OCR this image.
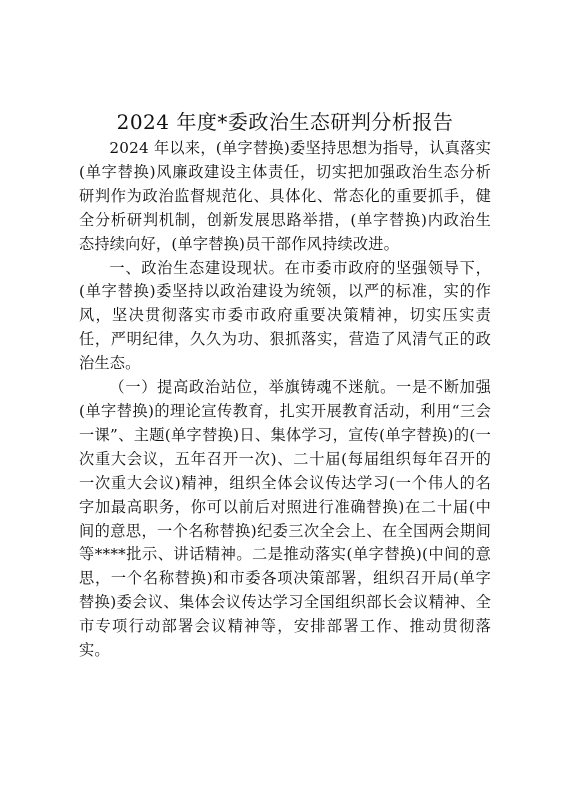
2024 年度*委政治生态研判分析报告

2024 年以来，(单字替换)委坚持思想为指导，认真落实(单字替换)风廉政建设主体责任，切实把加强政治生态分析研判作为政治监督规范化、具体化、常态化的重要抓手，健全分析研判机制，创新发展思路举措，(单字替换)内政治生态持续向好，(单字替换)员干部作风持续改进。

一、政治生态建设现状。在市委市政府的坚强领导下，(单字替换)委坚持以政治建设为统领，以严的标准，实的作风，坚决贯彻落实市委市政府重要决策精神，切实压实责任，严明纪律，久久为功、狠抓落实，营造了风清气正的政治生态。

（一）提高政治站位，举旗铸魂不迷航。一是不断加强(单字替换)的理论宣传教育，扎实开展教育活动，利用“三会一课”、主题(单字替换)日、集体学习，宣传(单字替换)的(一次重大会议，五年召开一次)、二十届(每届组织每年召开的一次重大会议)精神，组织全体会议传达学习(一个伟人的名字加最高职务，你可以前后对照进行准确替换)在二十届(中间的意思，一个名称替换)纪委三次全会上、在全国两会期间等****批示、讲话精神。二是推动落实(单字替换)(中间的意思，一个名称替换)和市委各项决策部署，组织召开局(单字替换)委会议、集体会议传达学习全国组织部长会议精神、全市专项行动部署会议精神等，安排部署工作、推动贯彻落实。
